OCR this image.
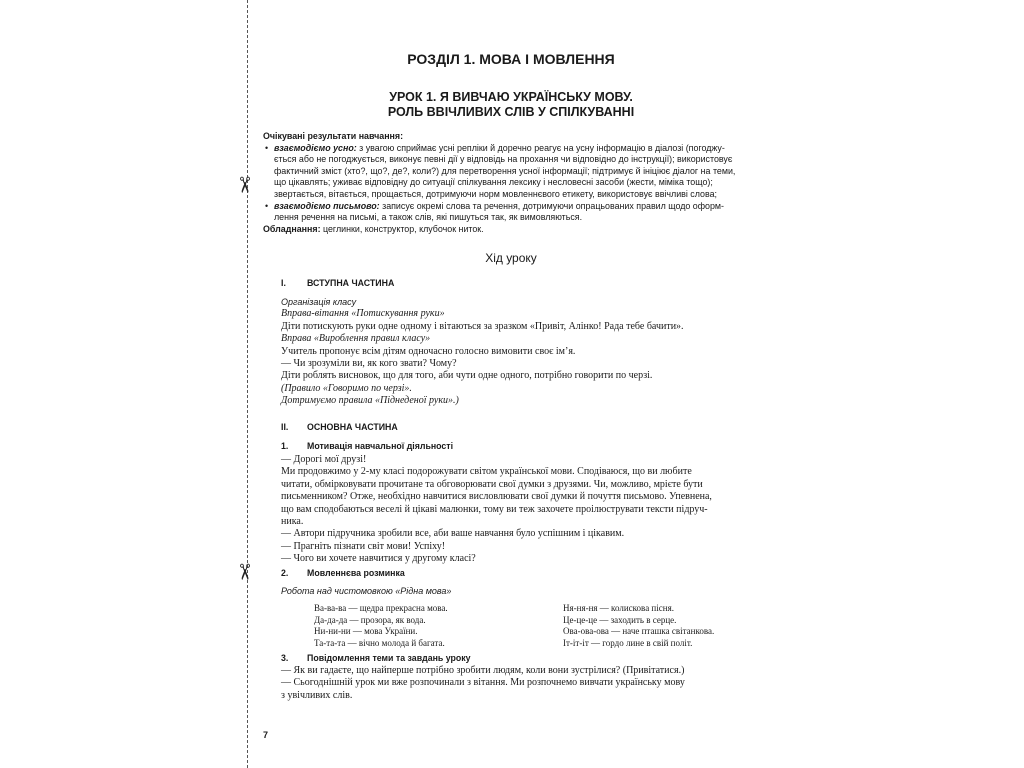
✂
✂
РОЗДІЛ 1. МОВА І МОВЛЕННЯ
УРОК 1. Я ВИВЧАЮ УКРАЇНСЬКУ МОВУ.
РОЛЬ ВВІЧЛИВИХ СЛІВ У СПІЛКУВАННІ
Очікувані результати навчання:
• взаємодіємо усно: з увагою сприймає усні репліки й доречно реагує на усну інформацію в діалозі (погоджу-
ється або не погоджується, виконує певні дії у відповідь на прохання чи відповідно до інструкції); використовує
фактичний зміст (хто?, що?, де?, коли?) для перетворення усної інформації; підтримує й ініціює діалог на теми,
що цікавлять; уживає відповідну до ситуації спілкування лексику і несловесні засоби (жести, міміка тощо);
звертається, вітається, прощається, дотримуючи норм мовленнєвого етикету, використовує ввічливі слова;
• взаємодіємо письмово: записує окремі слова та речення, дотримуючи опрацьованих правил щодо оформ-
лення речення на письмі, а також слів, які пишуться так, як вимовляються.
Обладнання: цеглинки, конструктор, клубочок ниток.
Хід уроку
І. ВСТУПНА ЧАСТИНА
Організація класу
Вправа-вітання «Потискування руки»
Діти потискують руки одне одному і вітаються за зразком «Привіт, Алінко! Рада тебе бачити».
Вправа «Вироблення правил класу»
Учитель пропонує всім дітям одночасно голосно вимовити своє ім’я.
— Чи зрозуміли ви, як кого звати? Чому?
Діти роблять висновок, що для того, аби чути одне одного, потрібно говорити по черзі.
(Правило «Говоримо по черзі».
Дотримуємо правила «Піднеденої руки».)
ІІ. ОСНОВНА ЧАСТИНА
1. Мотивація навчальної діяльності
— Дорогі мої друзі!
Ми продовжимо у 2-му класі подорожувати світом української мови. Сподіваюся, що ви любите
читати, обмірковувати прочитане та обговорювати свої думки з друзями. Чи, можливо, мрієте бути
письменником? Отже, необхідно навчитися висловлювати свої думки й почуття письмово. Упевнена,
що вам сподобаються веселі й цікаві малюнки, тому ви теж захочете проілюструвати тексти підруч-
ника.
— Автори підручника зробили все, аби ваше навчання було успішним і цікавим.
— Прагніть пізнати світ мови! Успіху!
— Чого ви хочете навчитися у другому класі?
2. Мовленнєва розминка
Робота над чистомовкою «Рідна мова»
Ва-ва-ва — щедра прекрасна мова.
Да-да-да — прозора, як вода.
Ни-ни-ни — мова України.
Та-та-та — вічно молода й багата.
Ня-ня-ня — колискова пісня.
Це-це-це — заходить в серце.
Ова-ова-ова — наче пташка світанкова.
Іт-іт-іт — гордо лине в свій політ.
3. Повідомлення теми та завдань уроку
— Як ви гадаєте, що найперше потрібно зробити людям, коли вони зустрілися? (Привітатися.)
— Сьогоднішній урок ми вже розпочинали з вітання. Ми розпочнемо вивчати українську мову
з увічливих слів.
7
